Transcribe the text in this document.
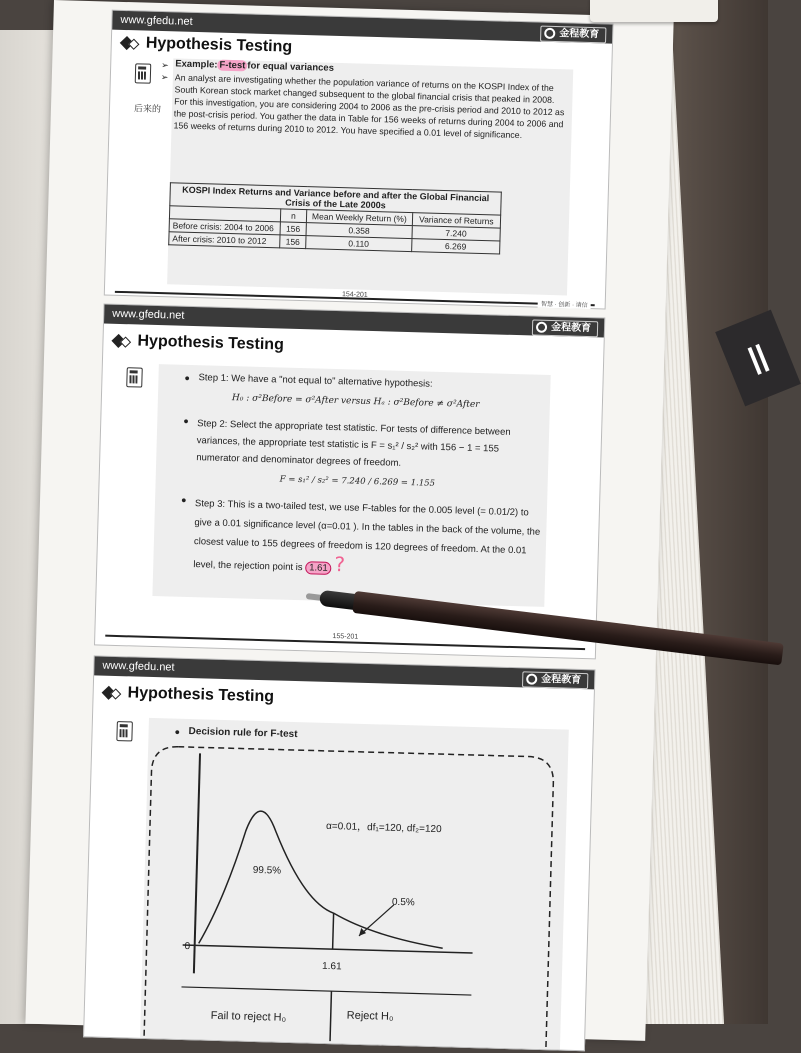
||
www.gfedu.net
金程教育
Hypothesis Testing
➢ Example: F-test for equal variances
➢ An analyst are investigating whether the population variance of returns on the KOSPI Index of the South Korean stock market changed subsequent to the global financial crisis that peaked in 2008. For this investigation, you are considering 2004 to 2006 as the pre-crisis period and 2010 to 2012 as the post-crisis period. You gather the data in Table for 156 weeks of returns during 2004 to 2006 and 156 weeks of returns during 2010 to 2012. You have specified a 0.01 level of significance.
后来的
KOSPI Index Returns and Variance before and after the Global Financial Crisis of the Late 2000s			
	n	Mean Weekly Return (%)	Variance of Returns
Before crisis: 2004 to 2006	156	0.358	7.240
After crisis: 2010 to 2012	156	0.110	6.269
154-201
智慧 · 创新 · 请信
www.gfedu.net
金程教育
Hypothesis Testing
● Step 1: We have a "not equal to" alternative hypothesis:
H₀ : σ²Before = σ²After versus Hₐ : σ²Before ≠ σ²After
● Step 2: Select the appropriate test statistic. For tests of difference between variances, the appropriate test statistic is F = s₁² / s₂² with 156 − 1 = 155 numerator and denominator degrees of freedom.
F = s₁² / s₂² = 7.240 / 6.269 = 1.155
● Step 3: This is a two-tailed test, we use F-tables for the 0.005 level (= 0.01/2) to give a 0.01 significance level (α=0.01 ). In the tables in the back of the volume, the closest value to 155 degrees of freedom is 120 degrees of freedom. At the 0.01 level, the rejection point is 1.61 ?
155-201
www.gfedu.net
金程教育
Hypothesis Testing
● Decision rule for F-test
α=0.01，df₁=120, df₂=120
99.5%
0.5%
0
1.61
Fail to reject H₀	Reject H₀
